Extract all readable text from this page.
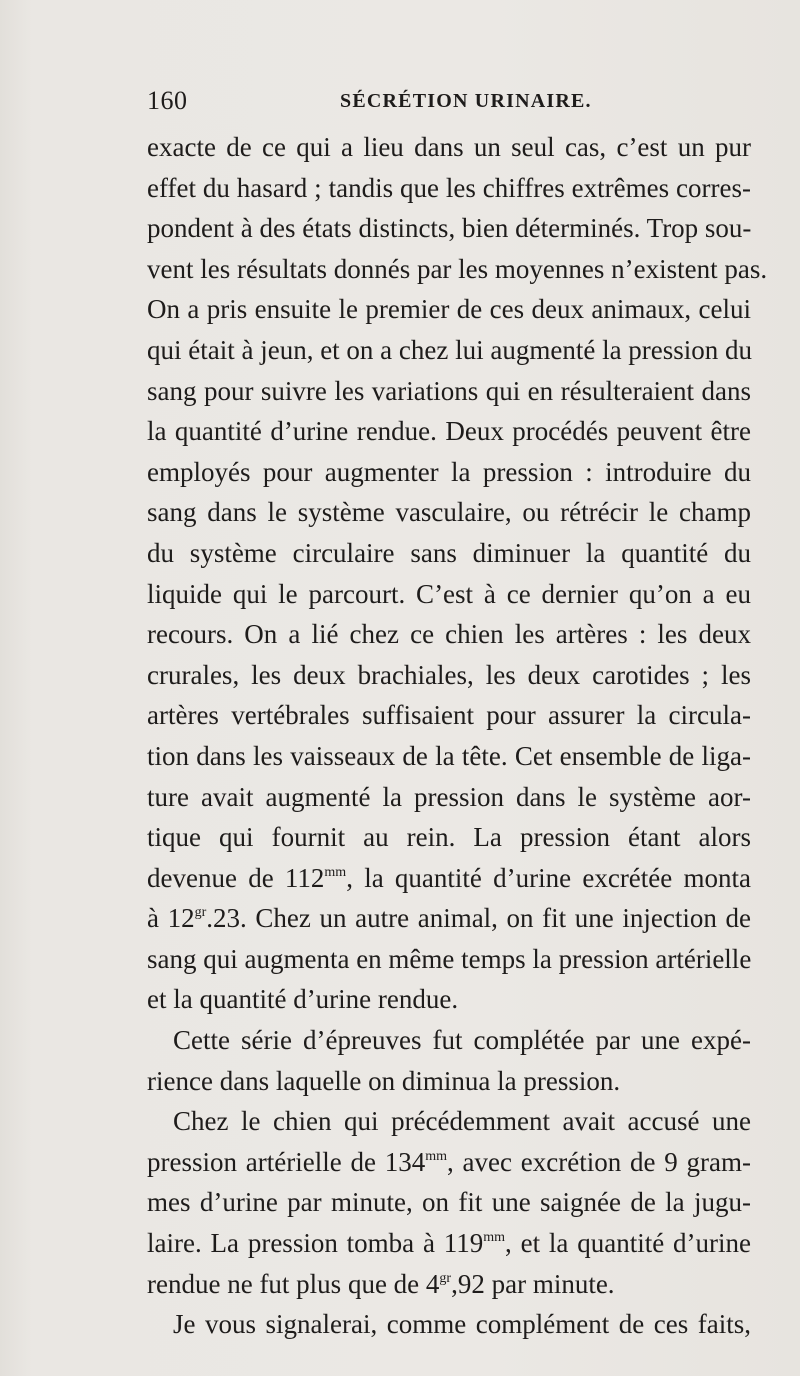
160	SÉCRÉTION URINAIRE.
exacte de ce qui a lieu dans un seul cas, c’est un pur
effet du hasard ; tandis que les chiffres extrêmes corres-
pondent à des états distincts, bien déterminés. Trop sou-
vent les résultats donnés par les moyennes n’existent pas.
On a pris ensuite le premier de ces deux animaux, celui
qui était à jeun, et on a chez lui augmenté la pression du
sang pour suivre les variations qui en résulteraient dans
la quantité d’urine rendue. Deux procédés peuvent être
employés pour augmenter la pression : introduire du
sang dans le système vasculaire, ou rétrécir le champ
du système circulaire sans diminuer la quantité du
liquide qui le parcourt. C’est à ce dernier qu’on a eu
recours. On a lié chez ce chien les artères : les deux
crurales, les deux brachiales, les deux carotides ; les
artères vertébrales suffisaient pour assurer la circula-
tion dans les vaisseaux de la tête. Cet ensemble de liga-
ture avait augmenté la pression dans le système aor-
tique qui fournit au rein. La pression étant alors
devenue de $112^{mm}$, la quantité d’urine excrétée monta
à $12^{gr}.23$. Chez un autre animal, on fit une injection de
sang qui augmenta en même temps la pression artérielle
et la quantité d’urine rendue.
Cette série d’épreuves fut complétée par une expé-
rience dans laquelle on diminua la pression.
Chez le chien qui précédemment avait accusé une
pression artérielle de $134^{mm}$, avec excrétion de 9 gram-
mes d’urine par minute, on fit une saignée de la jugu-
laire. La pression tomba à $119^{mm}$, et la quantité d’urine
rendue ne fut plus que de $4^{gr},92$ par minute.
Je vous signalerai, comme complément de ces faits,
